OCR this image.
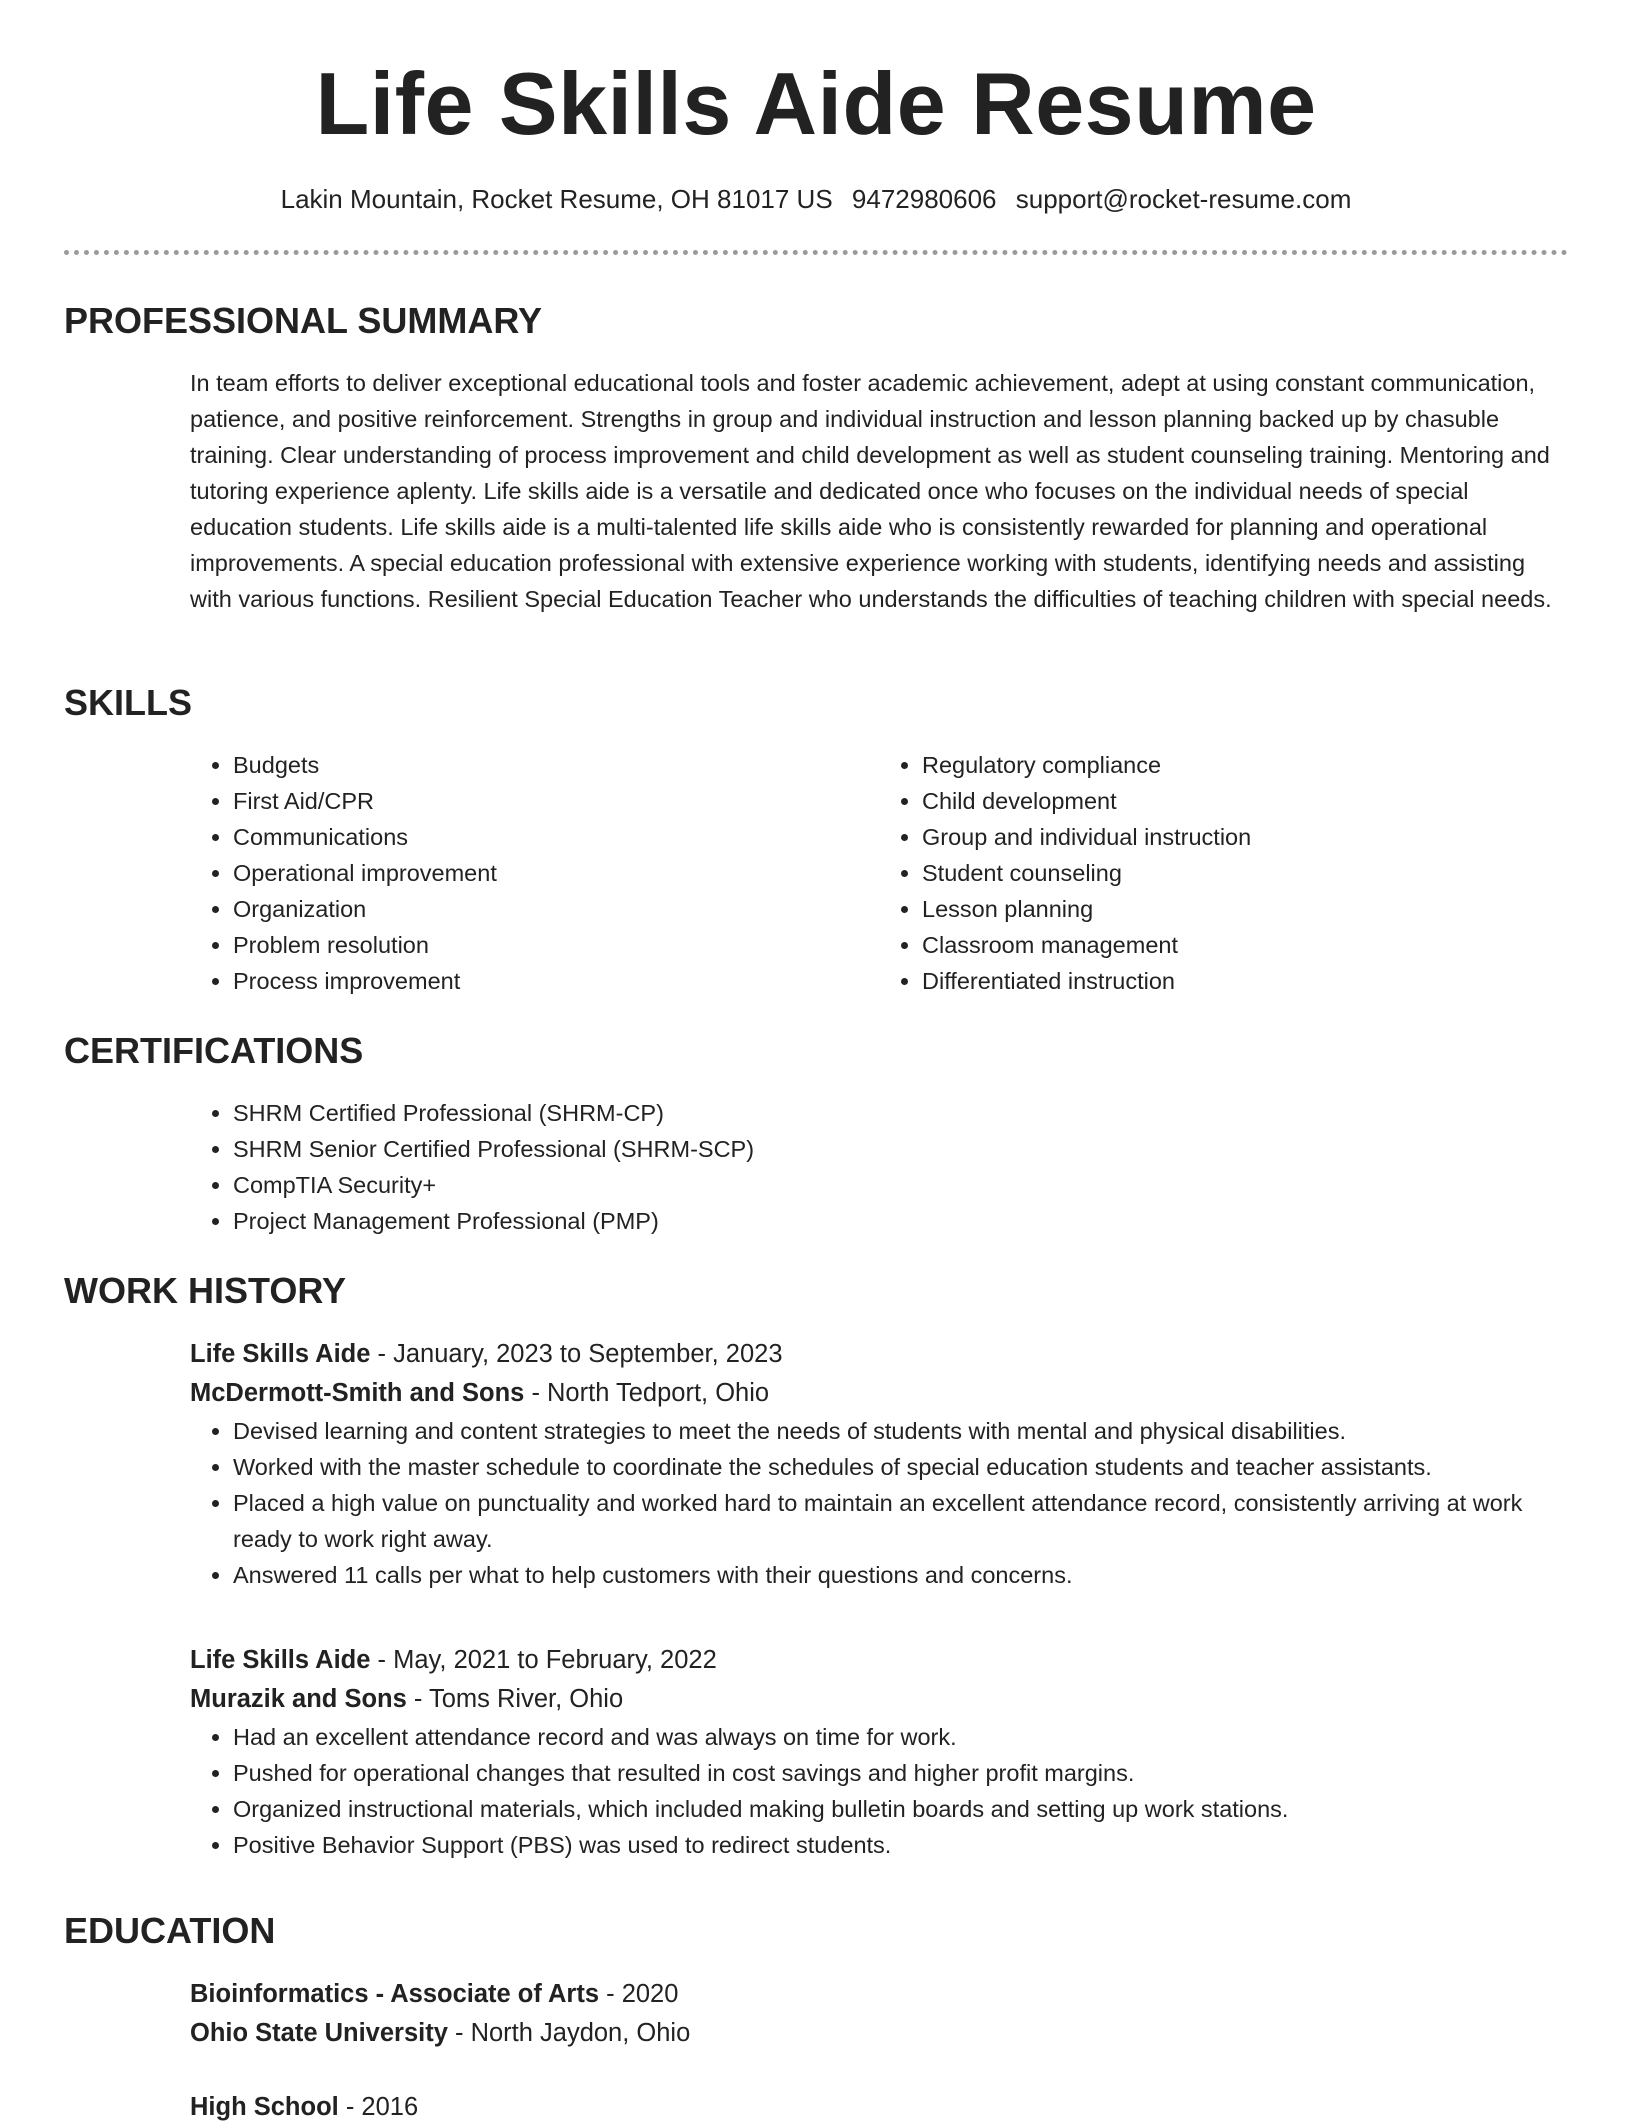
Life Skills Aide Resume
Lakin Mountain, Rocket Resume, OH 81017 US 9472980606 support@rocket-resume.com
PROFESSIONAL SUMMARY

In team efforts to deliver exceptional educational tools and foster academic achievement, adept at using constant communication, patience, and positive reinforcement. Strengths in group and individual instruction and lesson planning backed up by chasuble training. Clear understanding of process improvement and child development as well as student counseling training. Mentoring and tutoring experience aplenty. Life skills aide is a versatile and dedicated once who focuses on the individual needs of special education students. Life skills aide is a multi-talented life skills aide who is consistently rewarded for planning and operational improvements. A special education professional with extensive experience working with students, identifying needs and assisting with various functions. Resilient Special Education Teacher who understands the difficulties of teaching children with special needs.

SKILLS
• Budgets
• First Aid/CPR
• Communications
• Operational improvement
• Organization
• Problem resolution
• Process improvement
• Regulatory compliance
• Child development
• Group and individual instruction
• Student counseling
• Lesson planning
• Classroom management
• Differentiated instruction
CERTIFICATIONS
• SHRM Certified Professional (SHRM-CP)
• SHRM Senior Certified Professional (SHRM-SCP)
• CompTIA Security+
• Project Management Professional (PMP)
WORK HISTORY
Life Skills Aide - January, 2023 to September, 2023
McDermott-Smith and Sons - North Tedport, Ohio
• Devised learning and content strategies to meet the needs of students with mental and physical disabilities.
• Worked with the master schedule to coordinate the schedules of special education students and teacher assistants.
• Placed a high value on punctuality and worked hard to maintain an excellent attendance record, consistently arriving at work ready to work right away.
• Answered 11 calls per what to help customers with their questions and concerns.
Life Skills Aide - May, 2021 to February, 2022
Murazik and Sons - Toms River, Ohio
• Had an excellent attendance record and was always on time for work.
• Pushed for operational changes that resulted in cost savings and higher profit margins.
• Organized instructional materials, which included making bulletin boards and setting up work stations.
• Positive Behavior Support (PBS) was used to redirect students.
EDUCATION
Bioinformatics - Associate of Arts - 2020
Ohio State University - North Jaydon, Ohio
High School - 2016
